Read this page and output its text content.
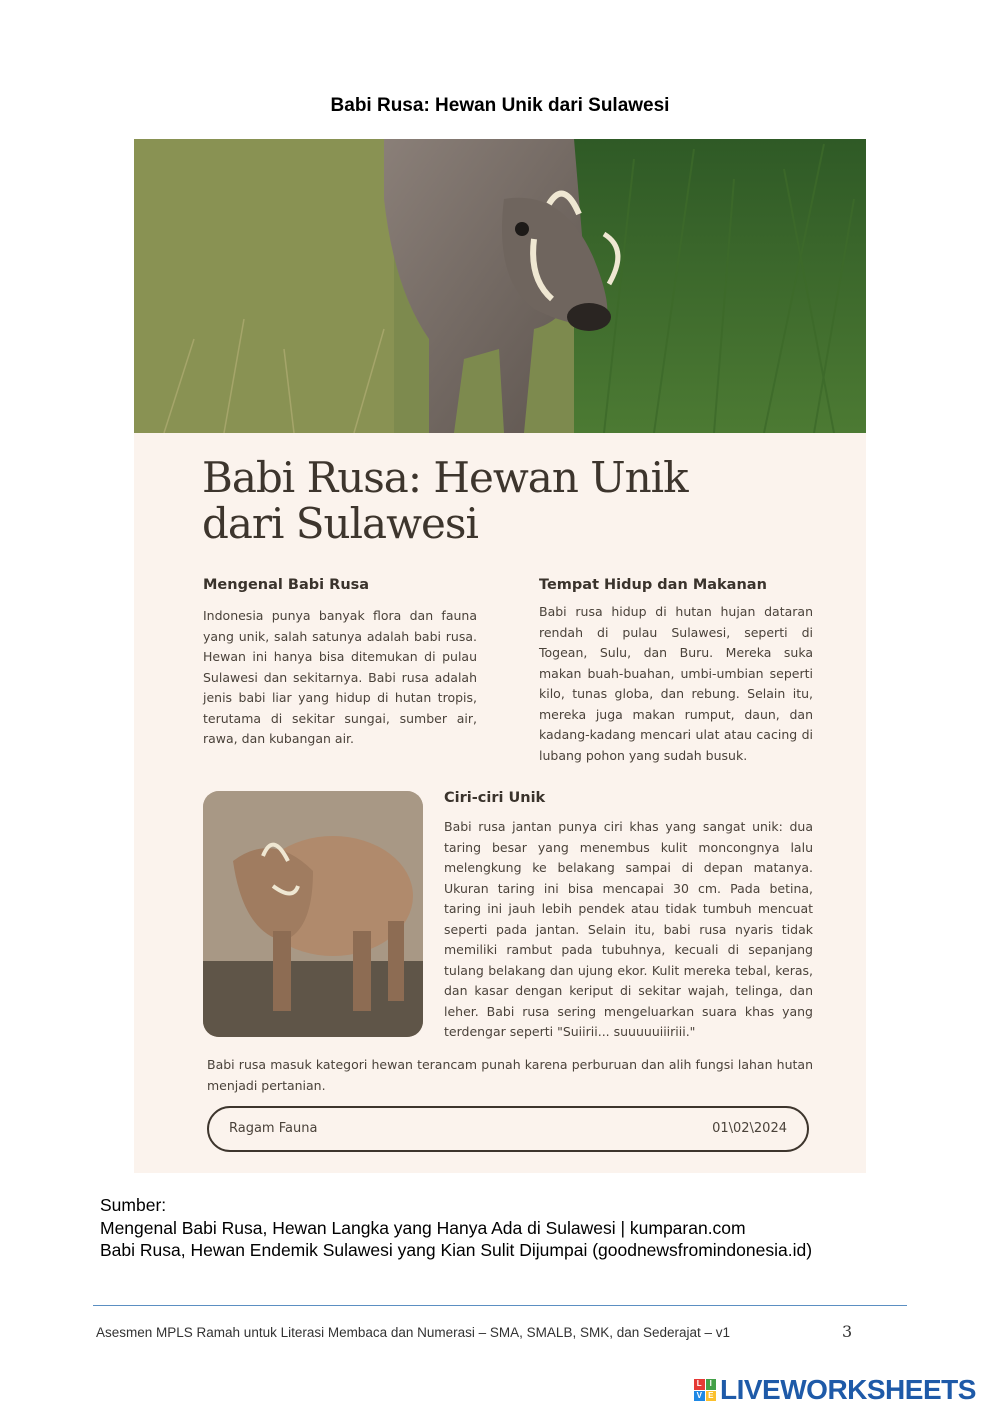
Babi Rusa: Hewan Unik dari Sulawesi
Babi Rusa: Hewan Unik
dari Sulawesi
Mengenal Babi Rusa

Indonesia punya banyak flora dan fauna yang unik, salah satunya adalah babi rusa. Hewan ini hanya bisa ditemukan di pulau Sulawesi dan sekitarnya. Babi rusa adalah jenis babi liar yang hidup di hutan tropis, terutama di sekitar sungai, sumber air, rawa, dan kubangan air.

Tempat Hidup dan Makanan

Babi rusa hidup di hutan hujan dataran rendah di pulau Sulawesi, seperti di Togean, Sulu, dan Buru. Mereka suka makan buah-buahan, umbi-umbian seperti kilo, tunas globa, dan rebung. Selain itu, mereka juga makan rumput, daun, dan kadang-kadang mencari ulat atau cacing di lubang pohon yang sudah busuk.

Ciri-ciri Unik

Babi rusa jantan punya ciri khas yang sangat unik: dua taring besar yang menembus kulit moncongnya lalu melengkung ke belakang sampai di depan matanya. Ukuran taring ini bisa mencapai 30 cm. Pada betina, taring ini jauh lebih pendek atau tidak tumbuh mencuat seperti pada jantan. Selain itu, babi rusa nyaris tidak memiliki rambut pada tubuhnya, kecuali di sepanjang tulang belakang dan ujung ekor. Kulit mereka tebal, keras, dan kasar dengan keriput di sekitar wajah, telinga, dan leher. Babi rusa sering mengeluarkan suara khas yang terdengar seperti "Suiirii... suuuuuiiiriii."

Babi rusa masuk kategori hewan terancam punah karena perburuan dan alih fungsi lahan hutan menjadi pertanian.

Ragam Fauna	01\02\2024
Sumber:
Mengenal Babi Rusa, Hewan Langka yang Hanya Ada di Sulawesi | kumparan.com
Babi Rusa, Hewan Endemik Sulawesi yang Kian Sulit Dijumpai (goodnewsfromindonesia.id)
Asesmen MPLS Ramah untuk Literasi Membaca dan Numerasi – SMA, SMALB, SMK, dan Sederajat – v1	3
L I
V E LIVEWORKSHEETS
